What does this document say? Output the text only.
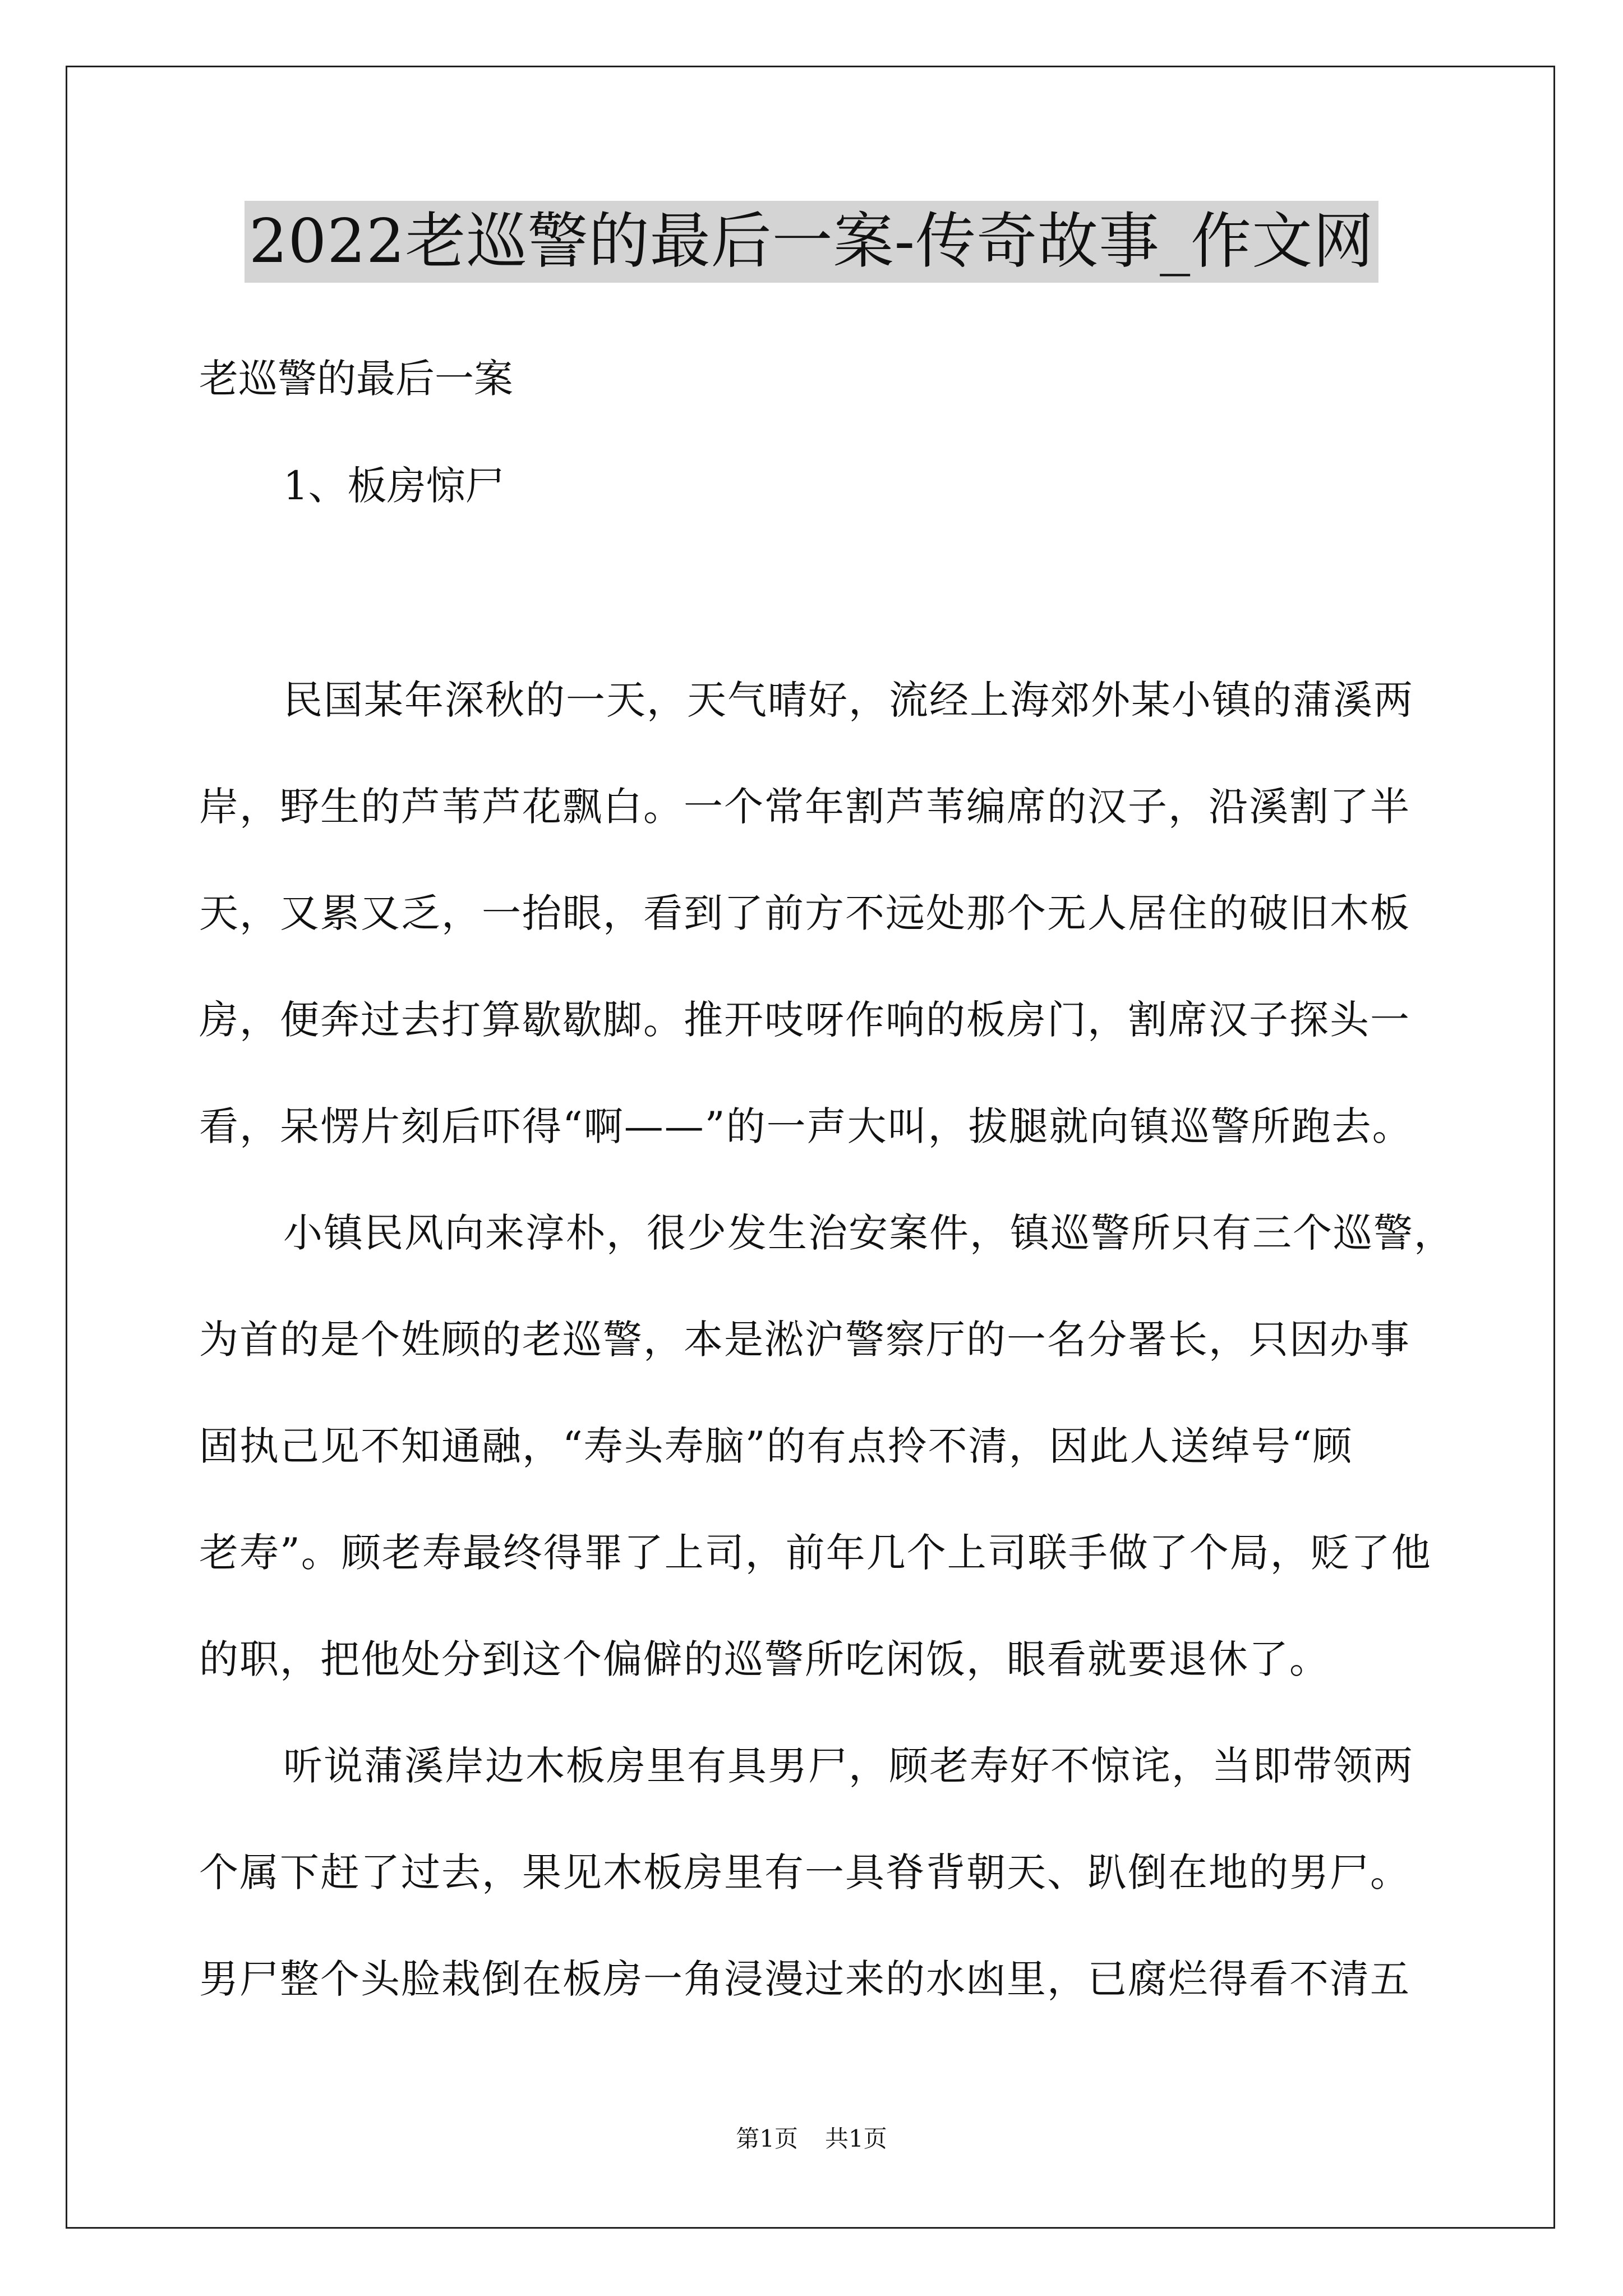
2022老巡警的最后一案-传奇故事_作文网
老巡警的最后一案
1、板房惊尸
民国某年深秋的一天，天气晴好，流经上海郊外某小镇的蒲溪两
岸，野生的芦苇芦花飘白。一个常年割芦苇编席的汉子，沿溪割了半
天，又累又乏，一抬眼，看到了前方不远处那个无人居住的破旧木板
房，便奔过去打算歇歇脚。推开吱呀作响的板房门，割席汉子探头一
看，呆愣片刻后吓得“啊——”的一声大叫，拔腿就向镇巡警所跑去。
小镇民风向来淳朴，很少发生治安案件，镇巡警所只有三个巡警，
为首的是个姓顾的老巡警，本是淞沪警察厅的一名分署长，只因办事
固执己见不知通融，“寿头寿脑”的有点拎不清，因此人送绰号“顾
老寿”。顾老寿最终得罪了上司，前年几个上司联手做了个局，贬了他
的职，把他处分到这个偏僻的巡警所吃闲饭，眼看就要退休了。
听说蒲溪岸边木板房里有具男尸，顾老寿好不惊诧，当即带领两
个属下赶了过去，果见木板房里有一具脊背朝天、趴倒在地的男尸。
男尸整个头脸栽倒在板房一角浸漫过来的水凼里，已腐烂得看不清五
第1页 共1页
